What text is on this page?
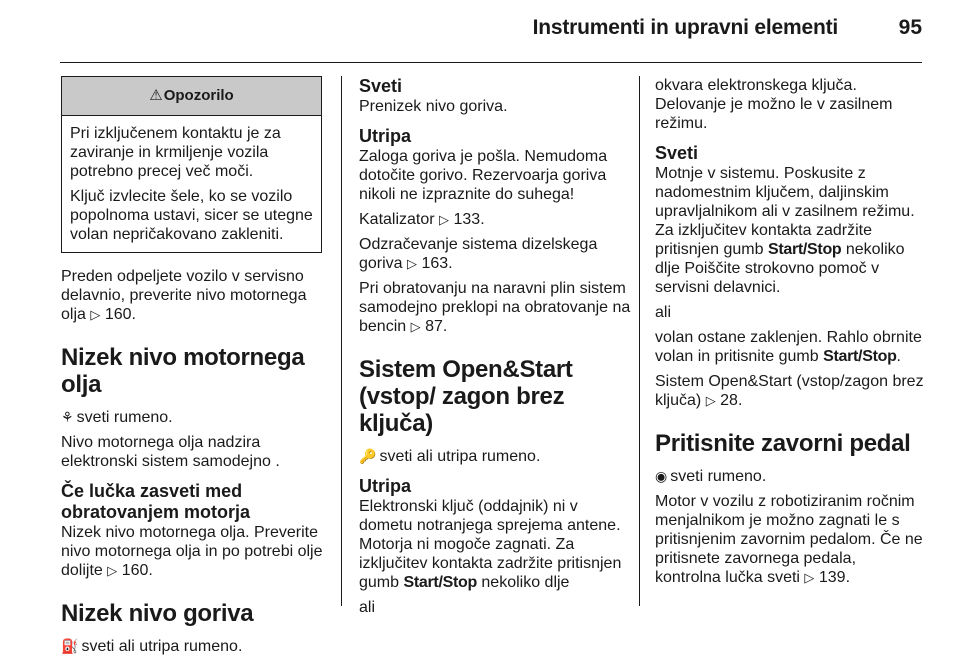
Instrumenti in upravni elementi	95
⚠Opozorilo

Pri izključenem kontaktu je za zaviranje in krmiljenje vozila potrebno precej več moči.

Ključ izvlecite šele, ko se vozilo popolnoma ustavi, sicer se utegne volan nepričakovano zakleniti.

Preden odpeljete vozilo v servisno delavnio, preverite nivo motornega olja ▷ 160.

Nizek nivo motornega olja

⚘ sveti rumeno.

Nivo motornega olja nadzira elektronski sistem samodejno .

Če lučka zasveti med obratovanjem motorja

Nizek nivo motornega olja. Preverite nivo motornega olja in po potrebi olje dolijte ▷ 160.

Nizek nivo goriva

⛽ sveti ali utripa rumeno.

Sveti

Prenizek nivo goriva.

Utripa

Zaloga goriva je pošla. Nemudoma dotočite gorivo. Rezervoarja goriva nikoli ne izpraznite do suhega!

Katalizator ▷ 133.

Odzračevanje sistema dizelskega goriva ▷ 163.

Pri obratovanju na naravni plin sistem samodejno preklopi na obratovanje na bencin ▷ 87.

Sistem Open&Start (vstop/ zagon brez ključa)

🔑 sveti ali utripa rumeno.

Utripa

Elektronski ključ (oddajnik) ni v dometu notranjega sprejema antene. Motorja ni mogoče zagnati. Za izključitev kontakta zadržite pritisnjen gumb Start/Stop nekoliko dlje

ali

okvara elektronskega ključa. Delovanje je možno le v zasilnem režimu.

Sveti

Motnje v sistemu. Poskusite z nadomestnim ključem, daljinskim upravljalnikom ali v zasilnem režimu. Za izključitev kontakta zadržite pritisnjen gumb Start/Stop nekoliko dlje Poiščite strokovno pomoč v servisni delavnici.

ali

volan ostane zaklenjen. Rahlo obrnite volan in pritisnite gumb Start/Stop.

Sistem Open&Start (vstop/zagon brez ključa) ▷ 28.

Pritisnite zavorni pedal

◉ sveti rumeno.

Motor v vozilu z robotiziranim ročnim menjalnikom je možno zagnati le s pritisnjenim zavornim pedalom. Če ne pritisnete zavornega pedala, kontrolna lučka sveti ▷ 139.
